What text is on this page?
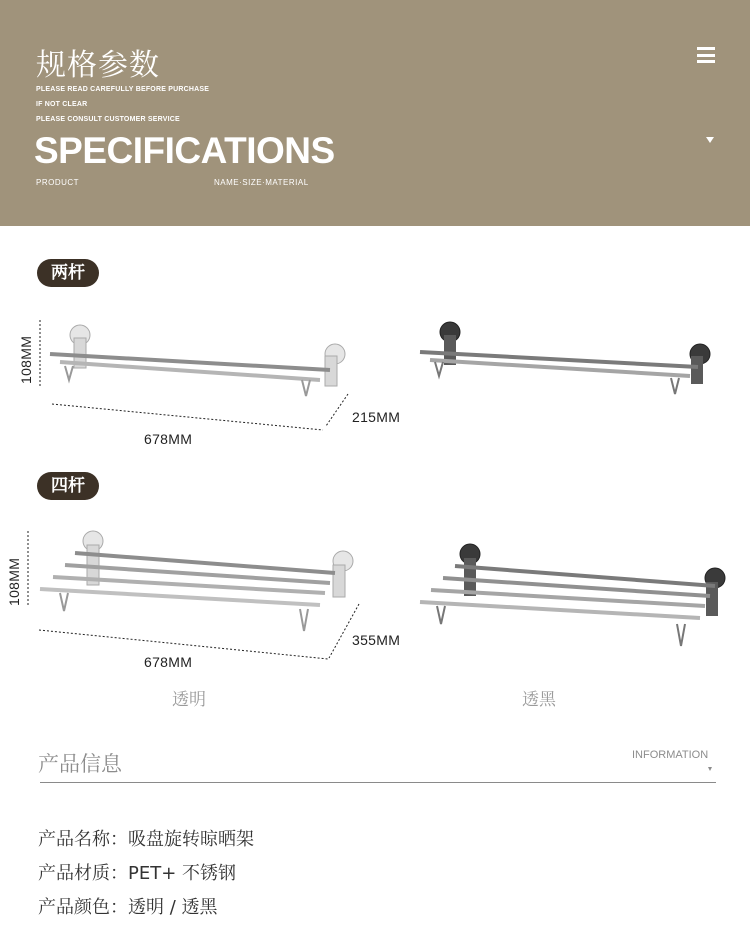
规格参数
PLEASE READ CAREFULLY BEFORE PURCHASE
IF NOT CLEAR
PLEASE CONSULT CUSTOMER SERVICE
SPECIFICATIONS
PRODUCT	NAME·SIZE·MATERIAL
两杆
108MM
678MM
215MM
四杆
108MM
678MM
355MM
透明	透黑
产品信息	INFORMATION
产品名称：吸盘旋转晾晒架
产品材质：PET+ 不锈钢
产品颜色：透明 / 透黑
